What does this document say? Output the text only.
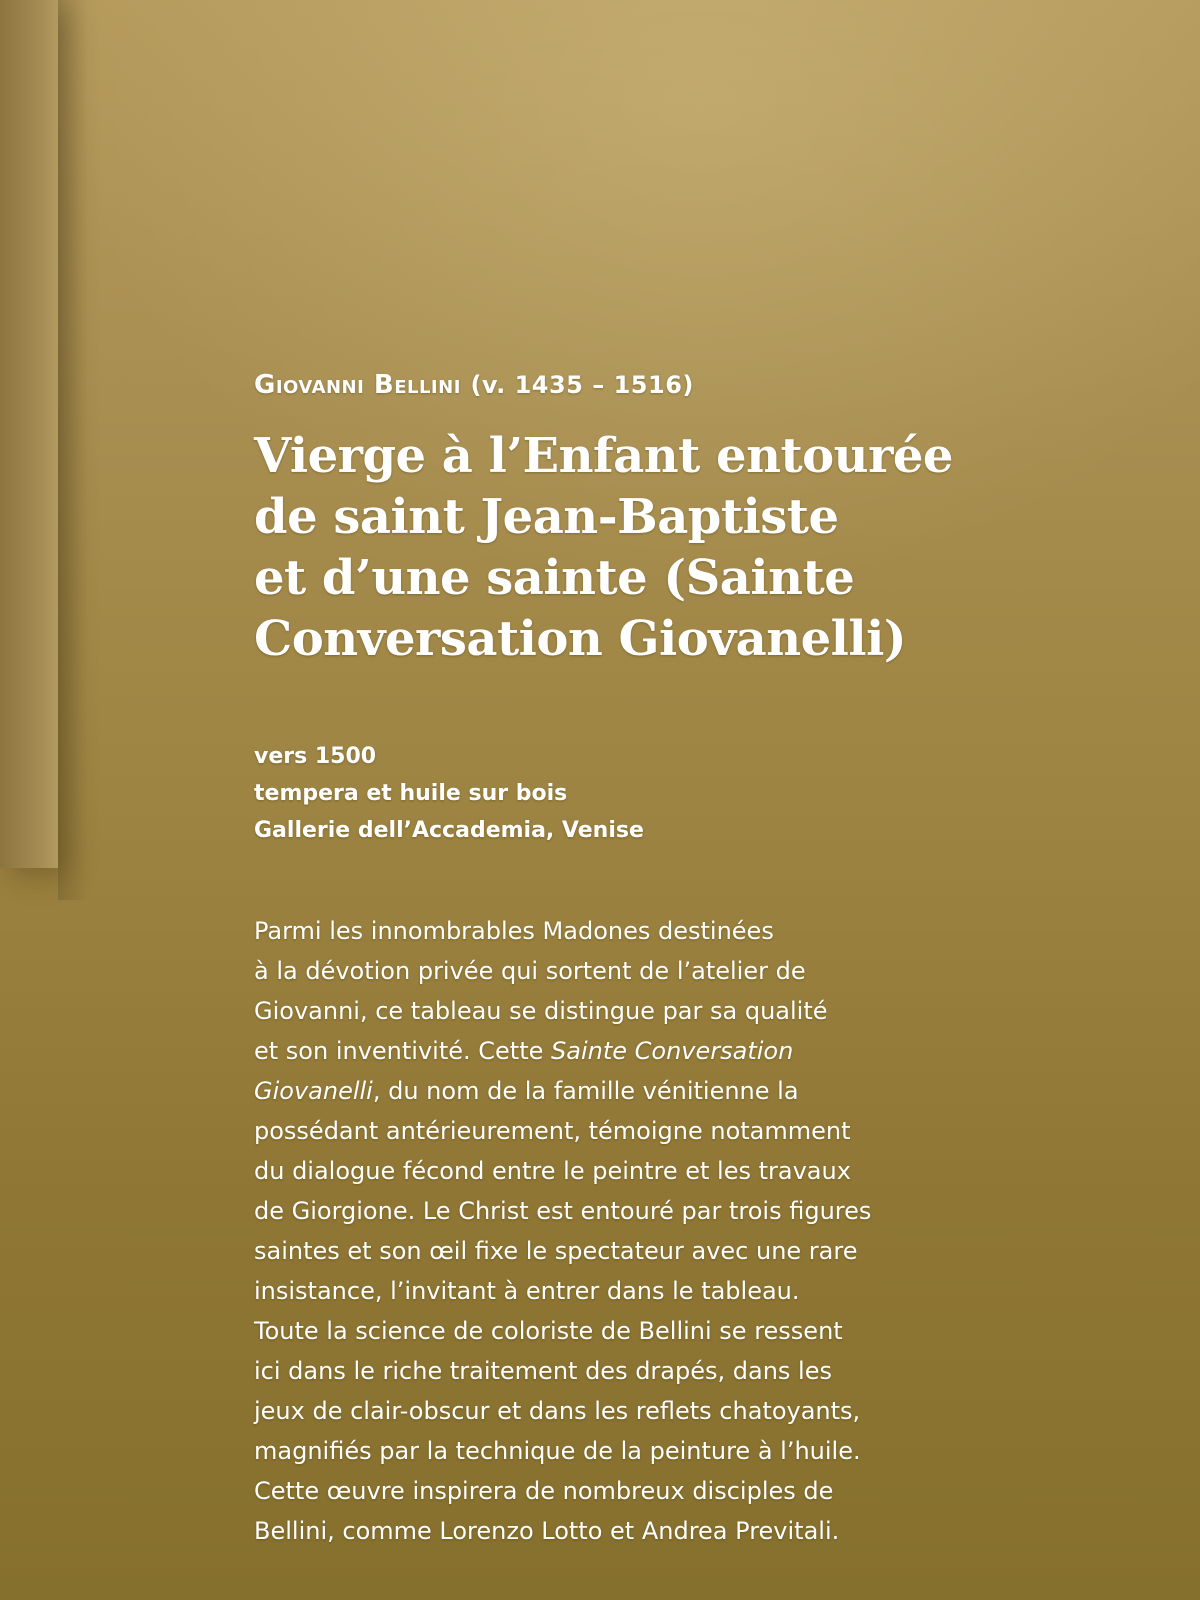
Giovanni Bellini (v. 1435 – 1516)
Vierge à l’Enfant entourée
de saint Jean-Baptiste
et d’une sainte (Sainte
Conversation Giovanelli)
vers 1500
tempera et huile sur bois
Gallerie dell’Accademia, Venise
Parmi les innombrables Madones destinées
à la dévotion privée qui sortent de l’atelier de
Giovanni, ce tableau se distingue par sa qualité
et son inventivité. Cette Sainte Conversation
Giovanelli, du nom de la famille vénitienne la
possédant antérieurement, témoigne notamment
du dialogue fécond entre le peintre et les travaux
de Giorgione. Le Christ est entouré par trois figures
saintes et son œil fixe le spectateur avec une rare
insistance, l’invitant à entrer dans le tableau.
Toute la science de coloriste de Bellini se ressent
ici dans le riche traitement des drapés, dans les
jeux de clair-obscur et dans les reflets chatoyants,
magnifiés par la technique de la peinture à l’huile.
Cette œuvre inspirera de nombreux disciples de
Bellini, comme Lorenzo Lotto et Andrea Previtali.
